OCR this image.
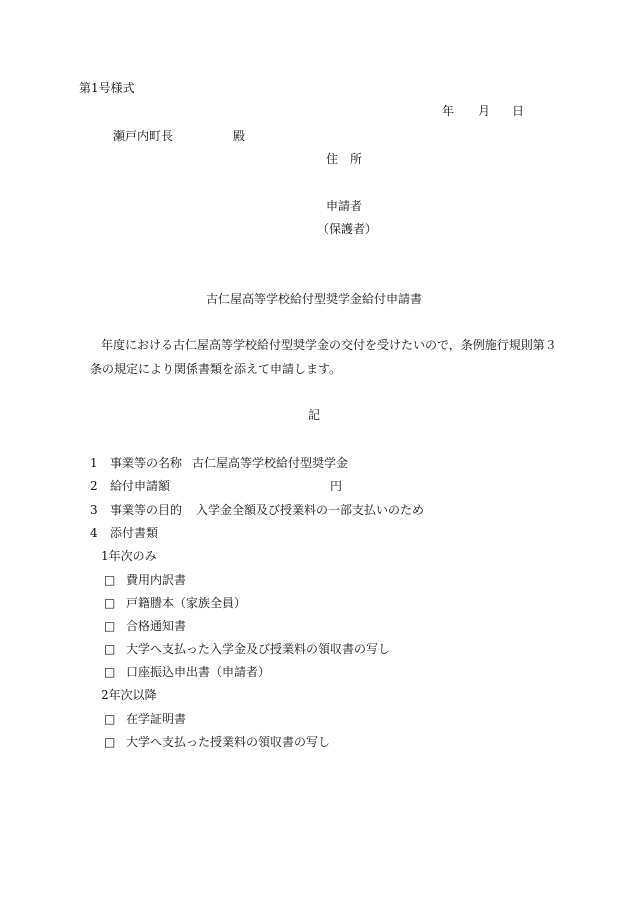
第1号様式
年 月 日
瀬戸内町長	殿
住　所
申請者
（保護者）
古仁屋高等学校給付型奨学金給付申請書
年度における古仁屋高等学校給付型奨学金の交付を受けたいので，条例施行規則第３
条の規定により関係書類を添えて申請します。
記
1 事業等の名称 古仁屋高等学校給付型奨学金
2 給付申請額	円
3 事業等の目的 入学金全額及び授業料の一部支払いのため
4 添付書類
1年次のみ
□ 費用内訳書
□ 戸籍謄本（家族全員）
□ 合格通知書
□ 大学へ支払った入学金及び授業料の領収書の写し
□ 口座振込申出書（申請者）
2年次以降
□ 在学証明書
□ 大学へ支払った授業料の領収書の写し
